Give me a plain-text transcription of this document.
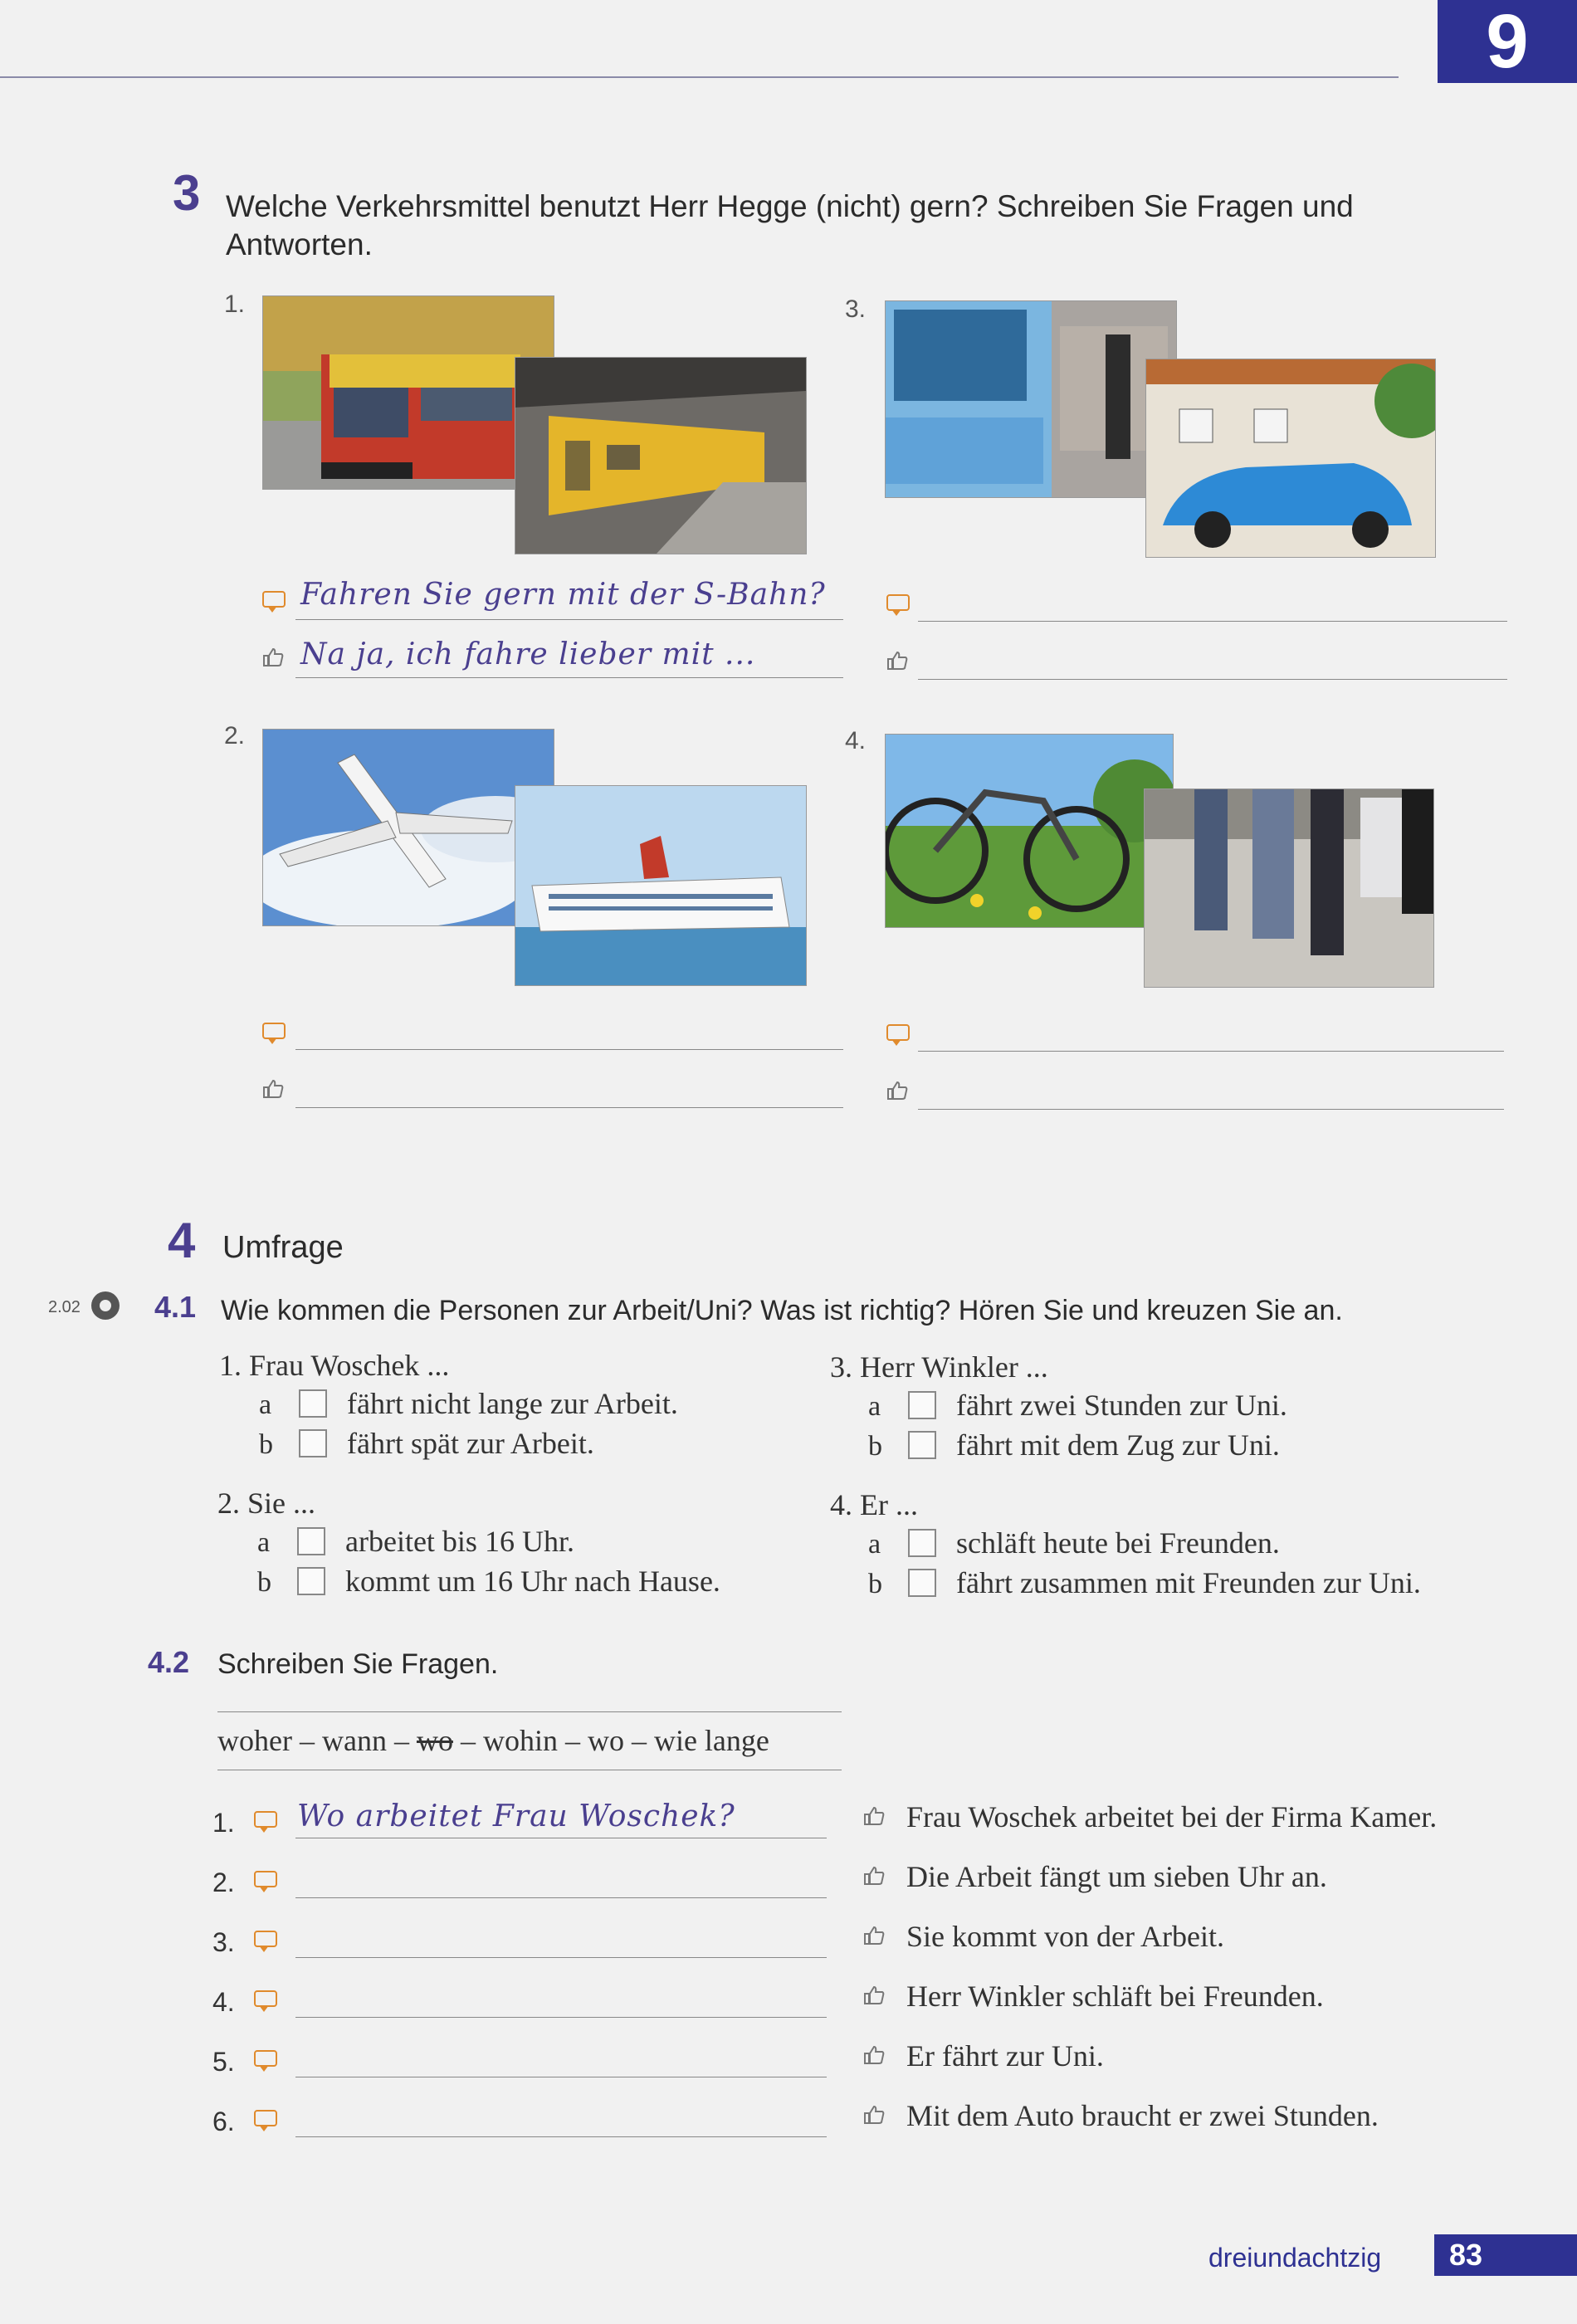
9
3 Welche Verkehrsmittel benutzt Herr Hegge (nicht) gern? Schreiben Sie Fragen und
Antworten.
1.
2.
3.
4.
Fahren Sie gern mit der S-Bahn?
Na ja, ich fahre lieber mit ...
4 Umfrage
2.02 4.1 Wie kommen die Personen zur Arbeit/Uni? Was ist richtig? Hören Sie und kreuzen Sie an.
1. Frau Woschek ...
a	fährt nicht lange zur Arbeit.
b fährt spät zur Arbeit.
2. Sie ...
a	arbeitet bis 16 Uhr.
b kommt um 16 Uhr nach Hause.
3. Herr Winkler ...
a	fährt zwei Stunden zur Uni.
b fährt mit dem Zug zur Uni.
4. Er ...
a	schläft heute bei Freunden.
b fährt zusammen mit Freunden zur Uni.
4.2 Schreiben Sie Fragen.
woher – wann – wo – wohin – wo – wie lange
1. Wo arbeitet Frau Woschek?	Frau Woschek arbeitet bei der Firma Kamer.
2.	Die Arbeit fängt um sieben Uhr an.
3.	Sie kommt von der Arbeit.
4.	Herr Winkler schläft bei Freunden.
5.	Er fährt zur Uni.
6.	Mit dem Auto braucht er zwei Stunden.
dreiundachtzig	83
